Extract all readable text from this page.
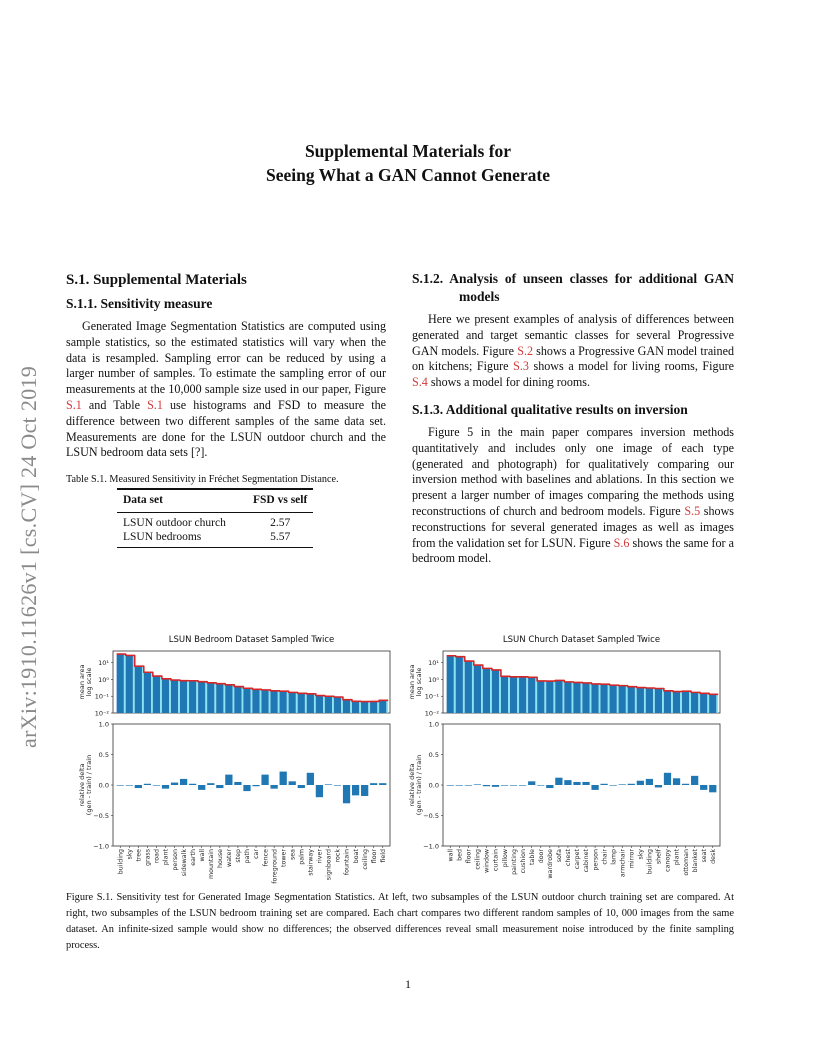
Supplemental Materials for
Seeing What a GAN Cannot Generate
arXiv:1910.11626v1 [cs.CV] 24 Oct 2019
S.1. Supplemental Materials
S.1.1. Sensitivity measure

Generated Image Segmentation Statistics are computed using sample statistics, so the estimated statistics will vary when the data is resampled. Sampling error can be reduced by using a larger number of samples. To estimate the sampling error of our measurements at the 10,000 sample size used in our paper, Figure S.1 and Table S.1 use histograms and FSD to measure the difference between two different samples of the same data set. Measurements are done for the LSUN outdoor church and the LSUN bedroom data sets [?].

Table S.1. Measured Sensitivity in Fréchet Segmentation Distance.
Data set	FSD vs self
LSUN outdoor church	2.57
LSUN bedrooms	5.57
S.1.2. Analysis of unseen classes for additional GAN models

Here we present examples of analysis of differences between generated and target semantic classes for several Progressive GAN models. Figure S.2 shows a Progressive GAN model trained on kitchens; Figure S.3 shows a model for living rooms, Figure S.4 shows a model for dining rooms.

S.1.3. Additional qualitative results on inversion

Figure 5 in the main paper compares inversion methods quantitatively and includes only one image of each type (generated and photograph) for qualitatively comparing our inversion method with baselines and ablations. In this section we present a larger number of images comparing the methods using reconstructions of church and bedroom models. Figure S.5 shows reconstructions for several generated images as well as images from the validation set for LSUN. Figure S.6 shows the same for a bedroom model.

LSUN Bedroom Dataset Sampled Twice
10¹
10⁰
10⁻¹
10⁻²
mean area log scale
1.0
0.5
0.0
−0.5
−1.0
relative delta (gen - train) / train
building sky tree grass road plant person sidewalk earth wall mountain house water step path car fence foreground tower sea palm stairway river signboard rock fountain boat ceiling floor field
LSUN Church Dataset Sampled Twice
10¹
10⁰
10⁻¹
10⁻²
mean area log scale
1.0
0.5
0.0
−0.5
−1.0
relative delta (gen - train) / train
wall bed floor ceiling window curtain pillow painting cushion table door wardrobe sofa chest carpet cabinet person chair lamp armchair mirror sky building shelf canopy plant ottoman blanket seat desk
Figure S.1. Sensitivity test for Generated Image Segmentation Statistics. At left, two subsamples of the LSUN outdoor church training set are compared. At right, two subsamples of the LSUN bedroom training set are compared. Each chart compares two different random samples of 10, 000 images from the same dataset. An infinite-sized sample would show no differences; the observed differences reveal small measurement noise introduced by the finite sampling process.
1
